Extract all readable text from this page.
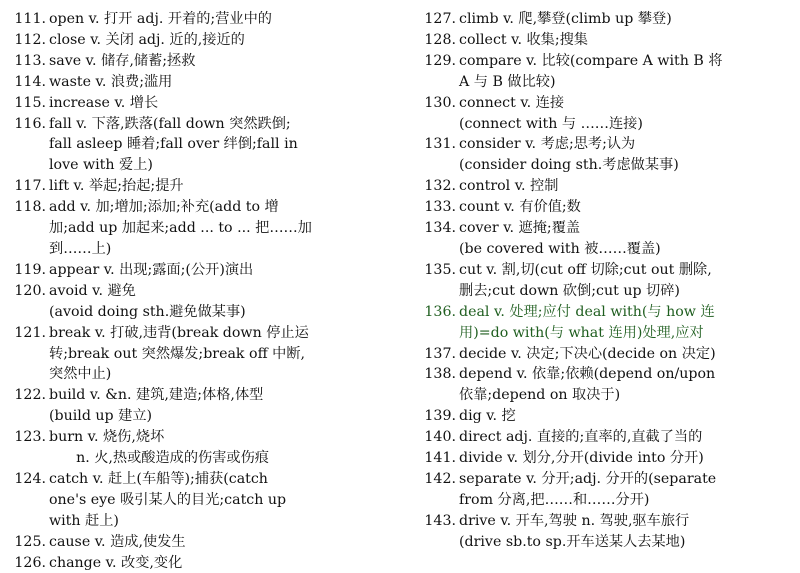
111. open v. 打开 adj. 开着的;营业中的

112. close v. 关闭 adj. 近的,接近的

113. save v. 储存,储蓄;拯救

114. waste v. 浪费;滥用

115. increase v. 增长

116. fall v. 下落,跌落(fall down 突然跌倒;
fall asleep 睡着;fall over 绊倒;fall in
love with 爱上)

117. lift v. 举起;抬起;提升

118. add v. 加;增加;添加;补充(add to 增
加;add up 加起来;add ... to ... 把……加
到……上)

119. appear v. 出现;露面;(公开)演出

120. avoid v. 避免
(avoid doing sth.避免做某事)

121. break v. 打破,违背(break down 停止运
转;break out 突然爆发;break off 中断,
突然中止)

122. build v. &n. 建筑,建造;体格,体型
(build up 建立)

123. burn v. 烧伤,烧坏
n. 火,热或酸造成的伤害或伤痕

124. catch v. 赶上(车船等);捕获(catch
one's eye 吸引某人的目光;catch up
with 赶上)

125. cause v. 造成,使发生

126. change v. 改变,变化

127. climb v. 爬,攀登(climb up 攀登)

128. collect v. 收集;搜集

129. compare v. 比较(compare A with B 将
A 与 B 做比较)

130. connect v. 连接
(connect with 与 ……连接)

131. consider v. 考虑;思考;认为
(consider doing sth.考虑做某事)

132. control v. 控制

133. count v. 有价值;数

134. cover v. 遮掩;覆盖
(be covered with 被……覆盖)

135. cut v. 割,切(cut off 切除;cut out 删除,
删去;cut down 砍倒;cut up 切碎)

136. deal v. 处理;应付 deal with(与 how 连
用)=do with(与 what 连用)处理,应对

137. decide v. 决定;下决心(decide on 决定)

138. depend v. 依靠;依赖(depend on/upon
依靠;depend on 取决于)

139. dig v. 挖

140. direct adj. 直接的;直率的,直截了当的

141. divide v. 划分,分开(divide into 分开)

142. separate v. 分开;adj. 分开的(separate
from 分离,把……和……分开)

143. drive v. 开车,驾驶 n. 驾驶,驱车旅行
(drive sb.to sp.开车送某人去某地)
